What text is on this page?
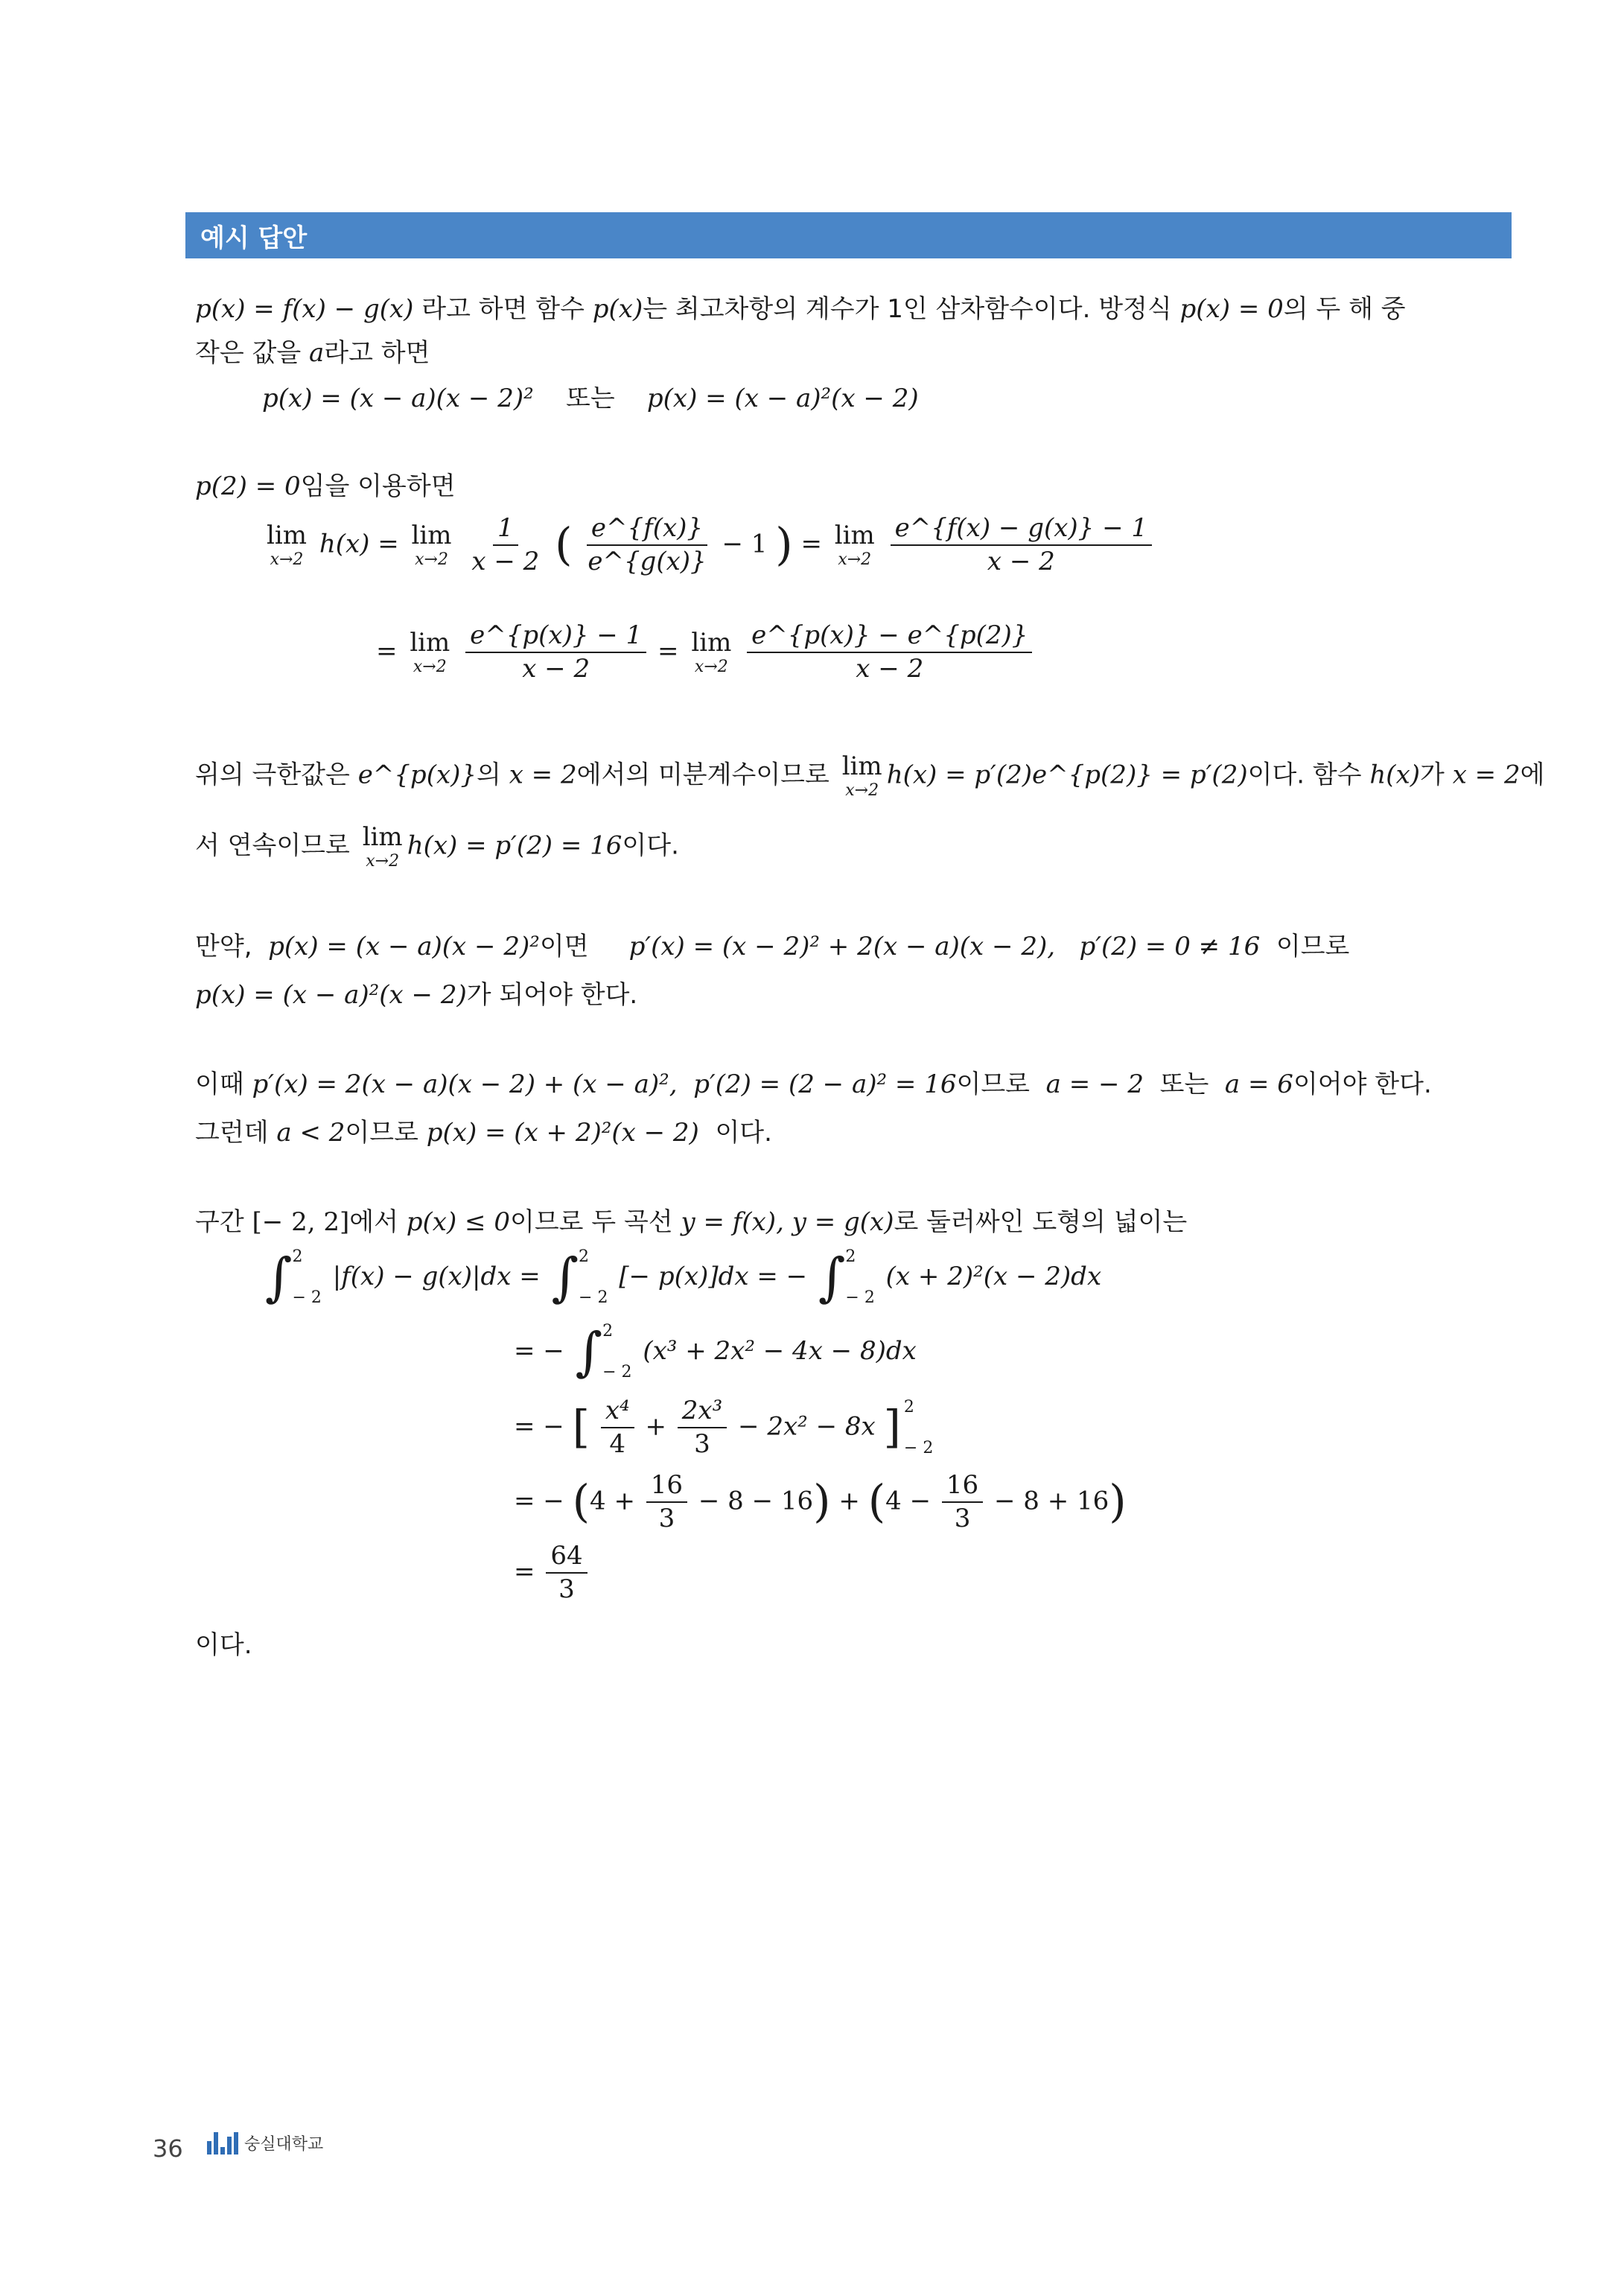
예시 답안
p(x) = f(x) − g(x) 라고 하면 함수 p(x)는 최고차항의 계수가 1인 삼차함수이다. 방정식 p(x) = 0의 두 해 중
작은 값을 a라고 하면
p(x) = (x − a)(x − 2)² 또는 p(x) = (x − a)²(x − 2)
p(2) = 0임을 이용하면
lim
x→2
h(x) = lim
x→2
$\frac{1}{x - 2}$ ( $\frac{e\^{}\{f(x)\}}{e\^{}\{g(x)\}} - 1$ ) = lim
x→2
$\frac{e\^{}\{f(x) - g(x)\} - 1}{x - 2}$
= lim
x→2
$\frac{e\^{}\{p(x)\} - 1}{x - 2} = \lim$
x→2
$\frac{e\^{}\{p(x)\} - e\^{}\{p(2)\}}{x - 2}$
위의 극한값은 e^{p(x)}의 x = 2에서의 미분계수이므로 lim
x→2
h(x) = p′(2)e^{p(2)} = p′(2)이다. 함수 h(x)가 x = 2에
서 연속이므로 lim
x→2
h(x) = p′(2) = 16이다.
만약, p(x) = (x − a)(x − 2)²이면 p′(x) = (x − 2)² + 2(x − a)(x − 2), p′(2) = 0 ≠ 16 이므로
p(x) = (x − a)²(x − 2)가 되어야 한다.
이때 p′(x) = 2(x − a)(x − 2) + (x − a)², p′(2) = (2 − a)² = 16이므로 a = − 2 또는 a = 6이어야 한다.
그런데 a < 2이므로 p(x) = (x + 2)²(x − 2) 이다.
구간 [− 2, 2]에서 p(x) ≤ 0이므로 두 곡선 y = f(x), y = g(x)로 둘러싸인 도형의 넓이는
∫ 2
− 2
|f(x) − g(x)|dx = ∫ 2
− 2
[− p(x)]dx = − ∫ 2
− 2
(x + 2)²(x − 2)dx
= − ∫ 2
− 2
(x³ + 2x² − 4x − 8)dx
= − [ $\frac{\text{x⁴}}{4} + \frac{\text{2x³}}{3} - 2x^2 - 8x$ ] 2
− 2
= − $(4 + \frac{16}{3} - 8 - 16) + (4 - \frac{16}{3} - 8 + 16)$
= $\frac{64}{3}$
이다.
36	숭실대학교
